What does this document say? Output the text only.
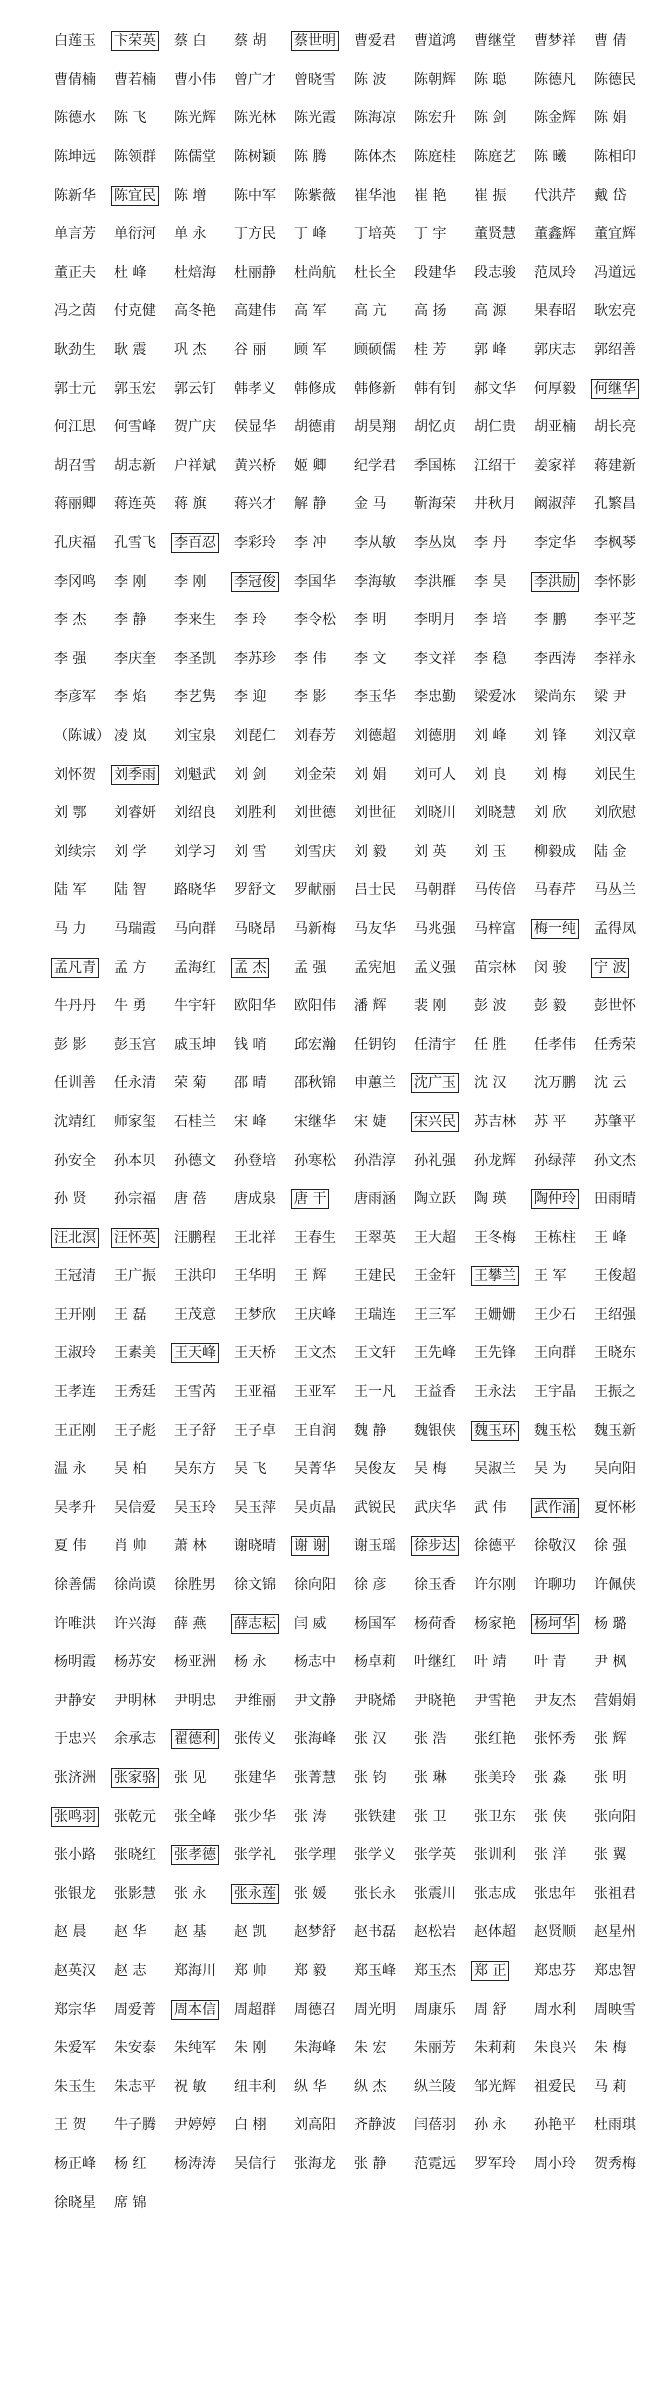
白莲玉	卞荣英	蔡 白	蔡 胡	蔡世明	曹爱君	曹道鸿	曹继堂	曹梦祥	曹 倩
曹倩楠	曹若楠	曹小伟	曾广才	曾晓雪	陈 波	陈朝辉	陈 聪	陈德凡	陈德民
陈德水	陈 飞	陈光辉	陈光林	陈光霞	陈海凉	陈宏升	陈 剑	陈金辉	陈 娟
陈坤远	陈领群	陈儒堂	陈树颖	陈 腾	陈体杰	陈庭桂	陈庭艺	陈 曦	陈相印
陈新华	陈宜民	陈 增	陈中军	陈紫薇	崔华池	崔 艳	崔 振	代洪芹	戴 岱
单言芳	单衍河	单 永	丁方民	丁 峰	丁培英	丁 宇	董贤慧	董鑫辉	董宜辉
董正夫	杜 峰	杜焙海	杜丽静	杜尚航	杜长全	段建华	段志骏	范凤玲	冯道远
冯之茵	付克健	高冬艳	高建伟	高 军	高 亢	高 扬	高 源	果春昭	耿宏亮
耿劲生	耿 震	巩 杰	谷 丽	顾 军	顾硕儒	桂 芳	郭 峰	郭庆志	郭绍善
郭士元	郭玉宏	郭云钉	韩孝义	韩修成	韩修新	韩有钊	郝文华	何厚毅	何继华
何江思	何雪峰	贺广庆	侯显华	胡德甫	胡昊翔	胡忆贞	胡仁贵	胡亚楠	胡长亮
胡召雪	胡志新	户祥斌	黄兴桥	姬 卿	纪学君	季国栋	江绍干	姜家祥	蒋建新
蒋丽卿	蒋连英	蒋 旗	蒋兴才	解 静	金 马	靳海荣	井秋月	阚淑萍	孔繁昌
孔庆福	孔雪飞	李百忍	李彩玲	李 冲	李从敏	李丛岚	李 丹	李定华	李枫琴
李冈鸣	李 刚	李 刚	李冠俊	李国华	李海敏	李洪雁	李 昊	李洪励	李怀影
李 杰	李 静	李来生	李 玲	李令松	李 明	李明月	李 培	李 鹏	李平芝
李 强	李庆奎	李圣凯	李苏珍	李 伟	李 文	李文祥	李 稳	李西涛	李祥永
李彦军	李 焰	李艺隽	李 迎	李 影	李玉华	李忠勤	梁爱冰	梁尚东	梁 尹
（陈诚） 凌 岚	刘宝泉	刘琵仁	刘春芳	刘德超	刘德朋	刘 峰	刘 锋	刘汉章
刘怀贺	刘季雨	刘魁武	刘 剑	刘金荣	刘 娟	刘可人	刘 良	刘 梅	刘民生
刘 鄂	刘睿妍	刘绍良	刘胜利	刘世德	刘世征	刘晓川	刘晓慧	刘 欣	刘欣慰
刘续宗	刘 学	刘学习	刘 雪	刘雪庆	刘 毅	刘 英	刘 玉	柳毅成	陆 金
陆 军	陆 智	路晓华	罗舒文	罗献丽	吕士民	马朝群	马传倍	马春芹	马丛兰
马 力	马瑞霞	马向群	马晓昂	马新梅	马友华	马兆强	马梓富	梅一纯	孟得凤
孟凡青	孟 方	孟海红	孟 杰	孟 强	孟宪旭	孟义强	苗宗林	闵 骏	宁 波
牛丹丹	牛 勇	牛宇轩	欧阳华	欧阳伟	潘 辉	裴 刚	彭 波	彭 毅	彭世怀
彭 影	彭玉宫	戚玉坤	钱 哨	邱宏瀚	任钥钧	任清宇	任 胜	任孝伟	任秀荣
任训善	任永清	荣 菊	邵 晴	邵秋锦	申蕙兰	沈广玉	沈 汉	沈万鹏	沈 云
沈靖红	师家玺	石桂兰	宋 峰	宋继华	宋 婕	宋兴民	苏吉林	苏 平	苏肇平
孙安全	孙本贝	孙德文	孙登培	孙寒松	孙浩淳	孙礼强	孙龙辉	孙绿萍	孙文杰
孙 贤	孙宗福	唐 蓓	唐成泉	唐 干	唐雨涵	陶立跃	陶 瑛	陶仲玲	田雨晴
汪北溟	汪怀英	汪鹏程	王北祥	王春生	王翠英	王大超	王冬梅	王栋柱	王 峰
王冠清	王广振	王洪印	王华明	王 辉	王建民	王金轩	王攀兰	王 军	王俊超
王开刚	王 磊	王茂意	王梦欣	王庆峰	王瑞连	王三军	王姗姗	王少石	王绍强
王淑玲	王素美	王天峰	王天桥	王文杰	王文轩	王先峰	王先锋	王向群	王晓东
王孝连	王秀廷	王雪芮	王亚福	王亚军	王一凡	王益香	王永法	王宇晶	王振之
王正刚	王子彪	王子舒	王子卓	王自润	魏 静	魏银侠	魏玉环	魏玉松	魏玉新
温 永	吴 柏	吴东方	吴 飞	吴菁华	吴俊友	吴 梅	吴淑兰	吴 为	吴向阳
吴孝升	吴信爱	吴玉玲	吴玉萍	吴贞晶	武锐民	武庆华	武 伟	武作涌	夏怀彬
夏 伟	肖 帅	萧 林	谢晓晴	谢 谢	谢玉瑶	徐步达	徐德平	徐敬汉	徐 强
徐善儒	徐尚谟	徐胜男	徐文锦	徐向阳	徐 彦	徐玉香	许尔刚	许聊功	许佩侠
许唯洪	许兴海	薛 燕	薛志耘	闫 威	杨国军	杨荷香	杨家艳	杨坷华	杨 璐
杨明霞	杨苏安	杨亚洲	杨 永	杨志中	杨卓莉	叶继红	叶 靖	叶 青	尹 枫
尹静安	尹明林	尹明忠	尹维丽	尹文静	尹晓烯	尹晓艳	尹雪艳	尹友杰	营娟娟
于忠兴	余承志	翟德利	张传义	张海峰	张 汉	张 浩	张红艳	张怀秀	张 辉
张济洲	张家骆	张 见	张建华	张菁慧	张 钧	张 琳	张美玲	张 淼	张 明
张鸣羽	张乾元	张全峰	张少华	张 涛	张铁建	张 卫	张卫东	张 侠	张向阳
张小路	张晓红	张孝德	张学礼	张学理	张学义	张学英	张训利	张 洋	张 翼
张银龙	张影慧	张 永	张永莲	张 媛	张长永	张震川	张志成	张忠年	张祖君
赵 晨	赵 华	赵 基	赵 凯	赵梦舒	赵书磊	赵松岩	赵体超	赵贤顺	赵星州
赵英汉	赵 志	郑海川	郑 帅	郑 毅	郑玉峰	郑玉杰	郑 正	郑忠芬	郑忠智
郑宗华	周爱菁	周本信	周超群	周德召	周光明	周康乐	周 舒	周水利	周映雪
朱爱军	朱安泰	朱纯军	朱 刚	朱海峰	朱 宏	朱丽芳	朱莉莉	朱良兴	朱 梅
朱玉生	朱志平	祝 敏	纽丰利	纵 华	纵 杰	纵兰陵	邹光辉	祖爱民	马 莉
王 贺	牛子腾	尹婷婷	白 栩	刘高阳	齐静波	闫蓓羽	孙 永	孙艳平	杜雨琪
杨正峰	杨 红	杨涛涛	吴信行	张海龙	张 静	范霓远	罗军玲	周小玲	贺秀梅
徐晓星	席 锦
